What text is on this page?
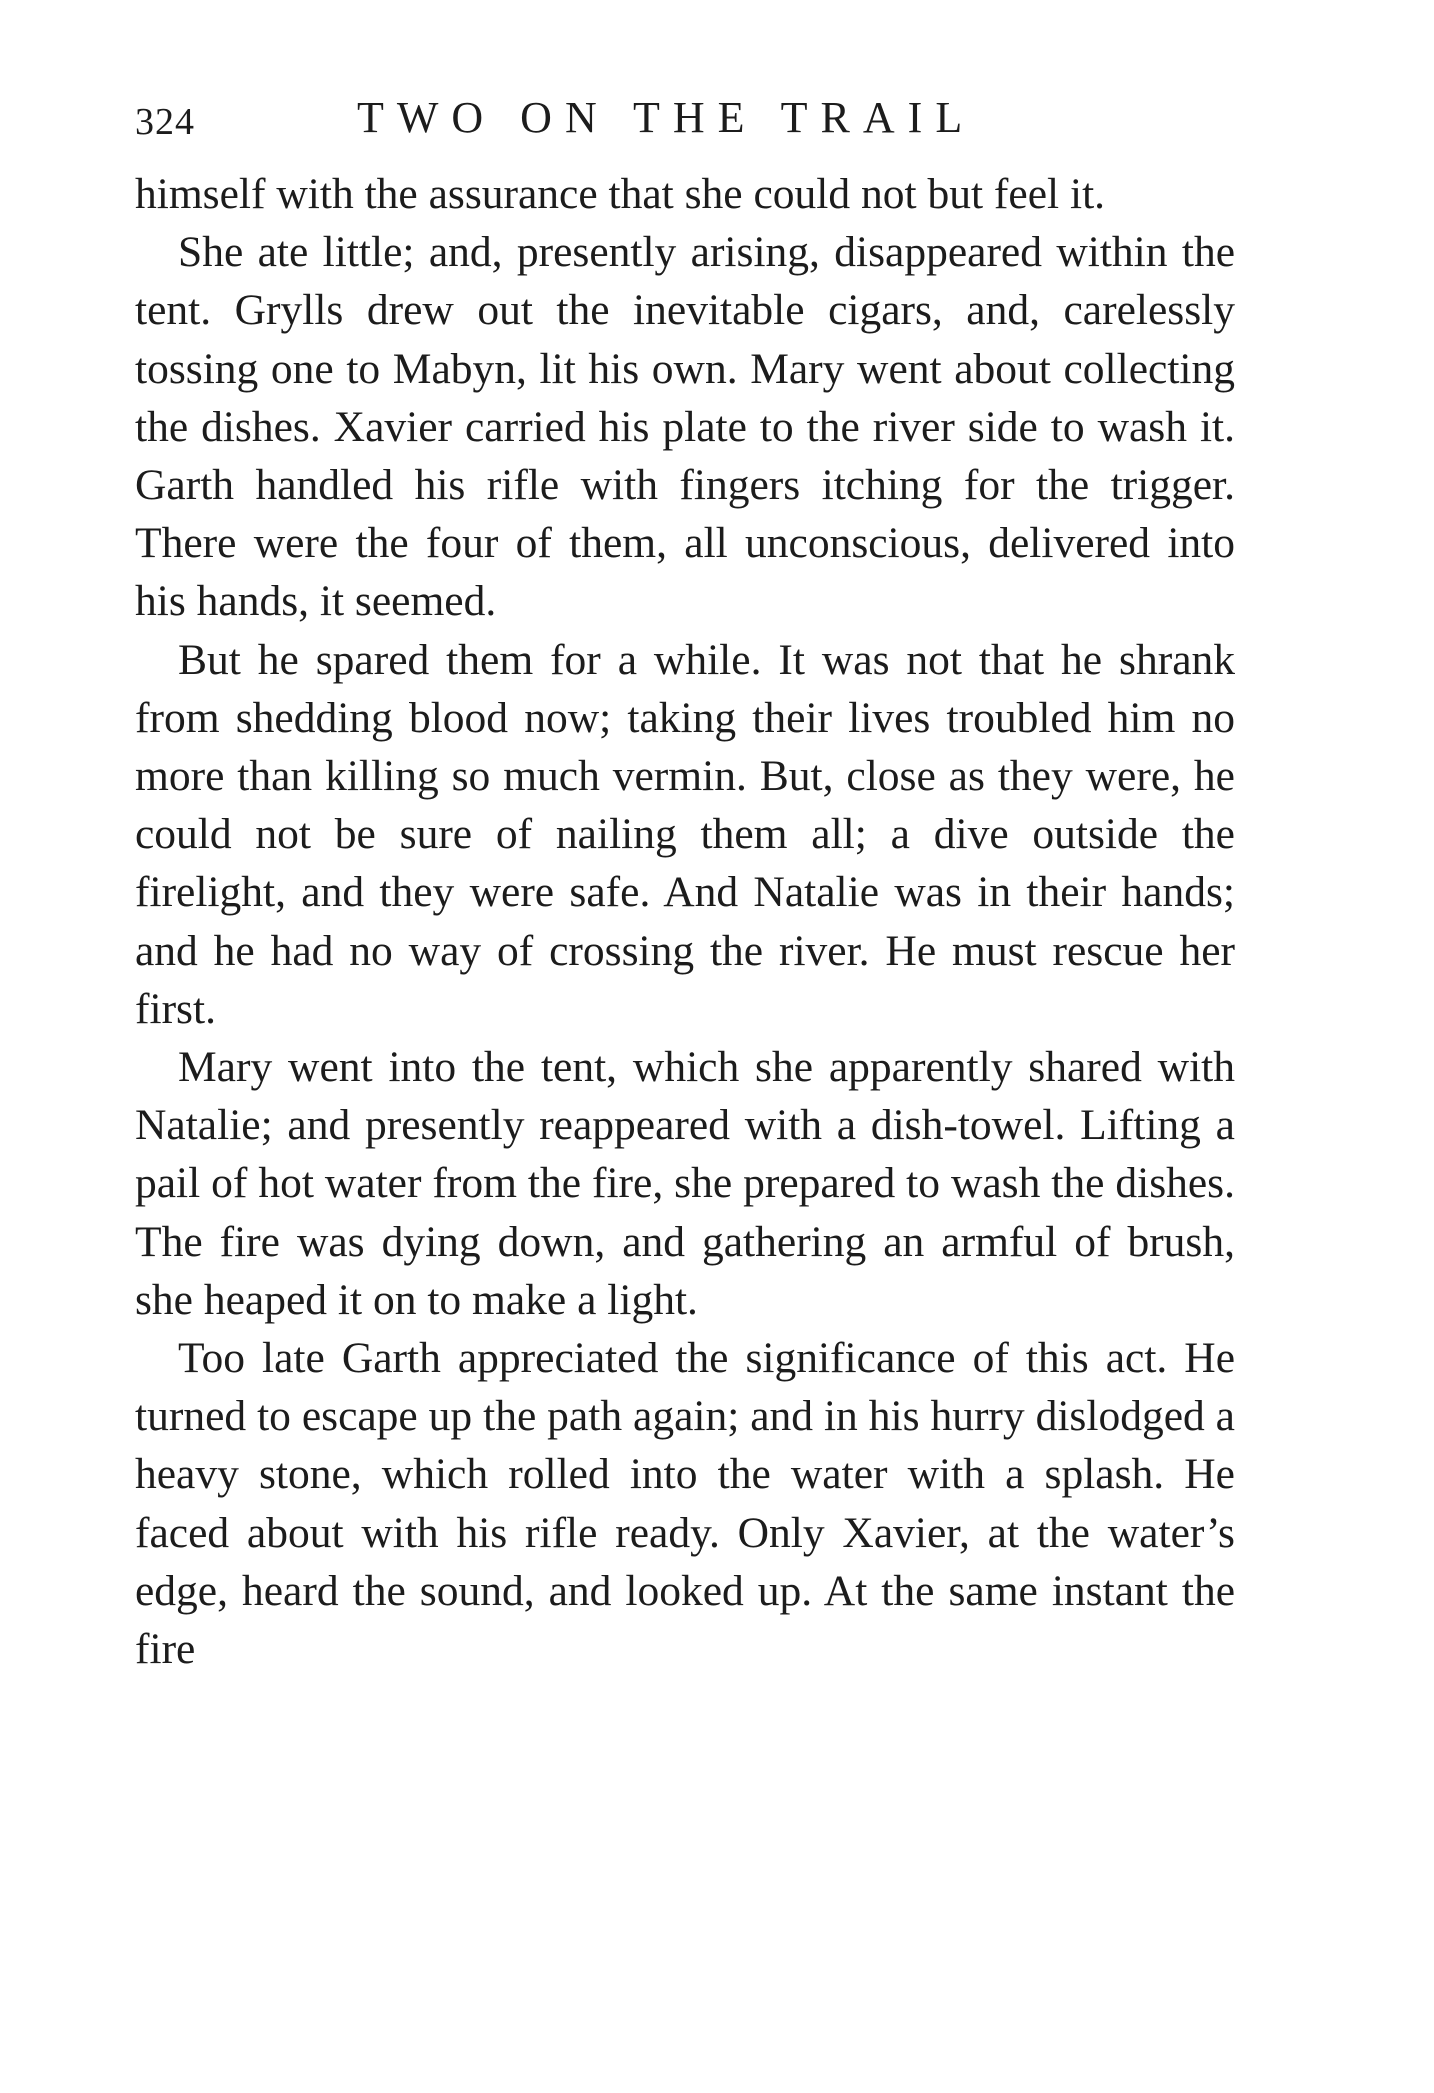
324	TWO ON THE TRAIL

himself with the assurance that she could not but feel it.

She ate little; and, presently arising, disappeared within the tent. Grylls drew out the inevitable cigars, and, carelessly tossing one to Mabyn, lit his own. Mary went about collecting the dishes. Xavier carried his plate to the river side to wash it. Garth handled his rifle with fingers itching for the trigger. There were the four of them, all unconscious, delivered into his hands, it seemed.

But he spared them for a while. It was not that he shrank from shedding blood now; taking their lives troubled him no more than killing so much vermin. But, close as they were, he could not be sure of nailing them all; a dive outside the firelight, and they were safe. And Natalie was in their hands; and he had no way of crossing the river. He must rescue her first.

Mary went into the tent, which she apparently shared with Natalie; and presently reappeared with a dish-towel. Lifting a pail of hot water from the fire, she prepared to wash the dishes. The fire was dying down, and gathering an armful of brush, she heaped it on to make a light.

Too late Garth appreciated the significance of this act. He turned to escape up the path again; and in his hurry dislodged a heavy stone, which rolled into the water with a splash. He faced about with his rifle ready. Only Xavier, at the water’s edge, heard the sound, and looked up. At the same instant the fire
